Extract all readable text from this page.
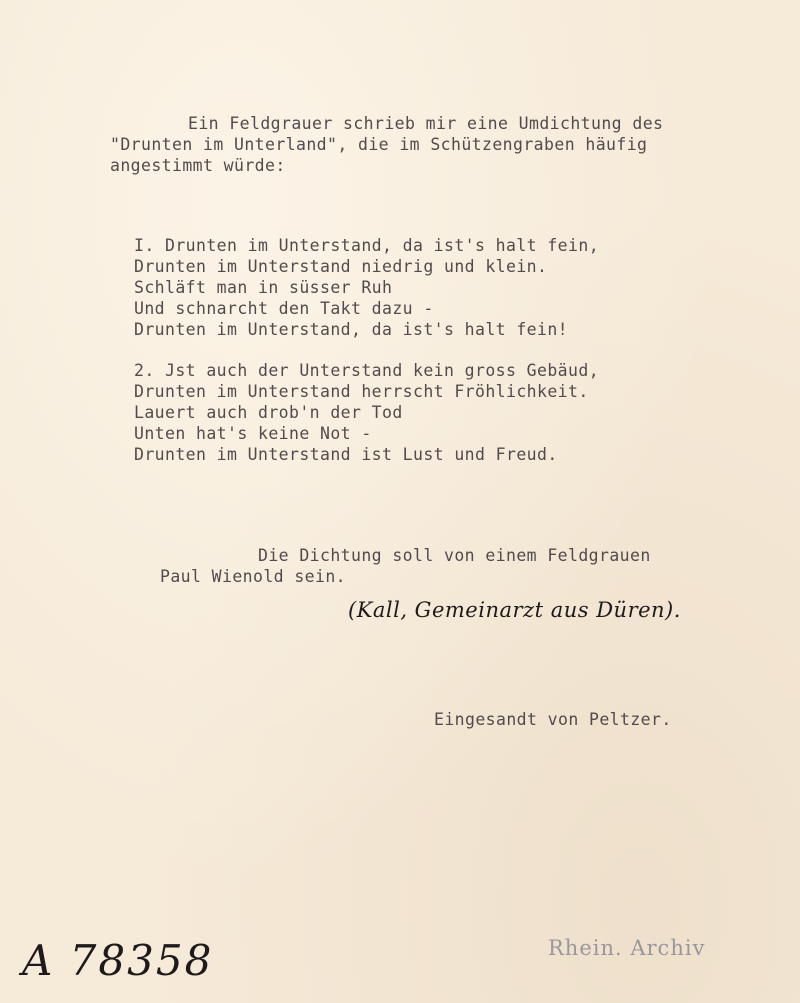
Ein Feldgrauer schrieb mir eine Umdichtung des
"Drunten im Unterland", die im Schützengraben häufig
angestimmt würde:
I. Drunten im Unterstand, da ist's halt fein,
Drunten im Unterstand niedrig und klein.
Schläft man in süsser Ruh
Und schnarcht den Takt dazu -
Drunten im Unterstand, da ist's halt fein!
2. Jst auch der Unterstand kein gross Gebäud,
Drunten im Unterstand herrscht Fröhlichkeit.
Lauert auch drob'n der Tod
Unten hat's keine Not -
Drunten im Unterstand ist Lust und Freud.
Die Dichtung soll von einem Feldgrauen
Paul Wienold sein.
(Kall, Gemeinarzt aus Düren).
Eingesandt von Peltzer.
A 78358	Rhein. Archiv
